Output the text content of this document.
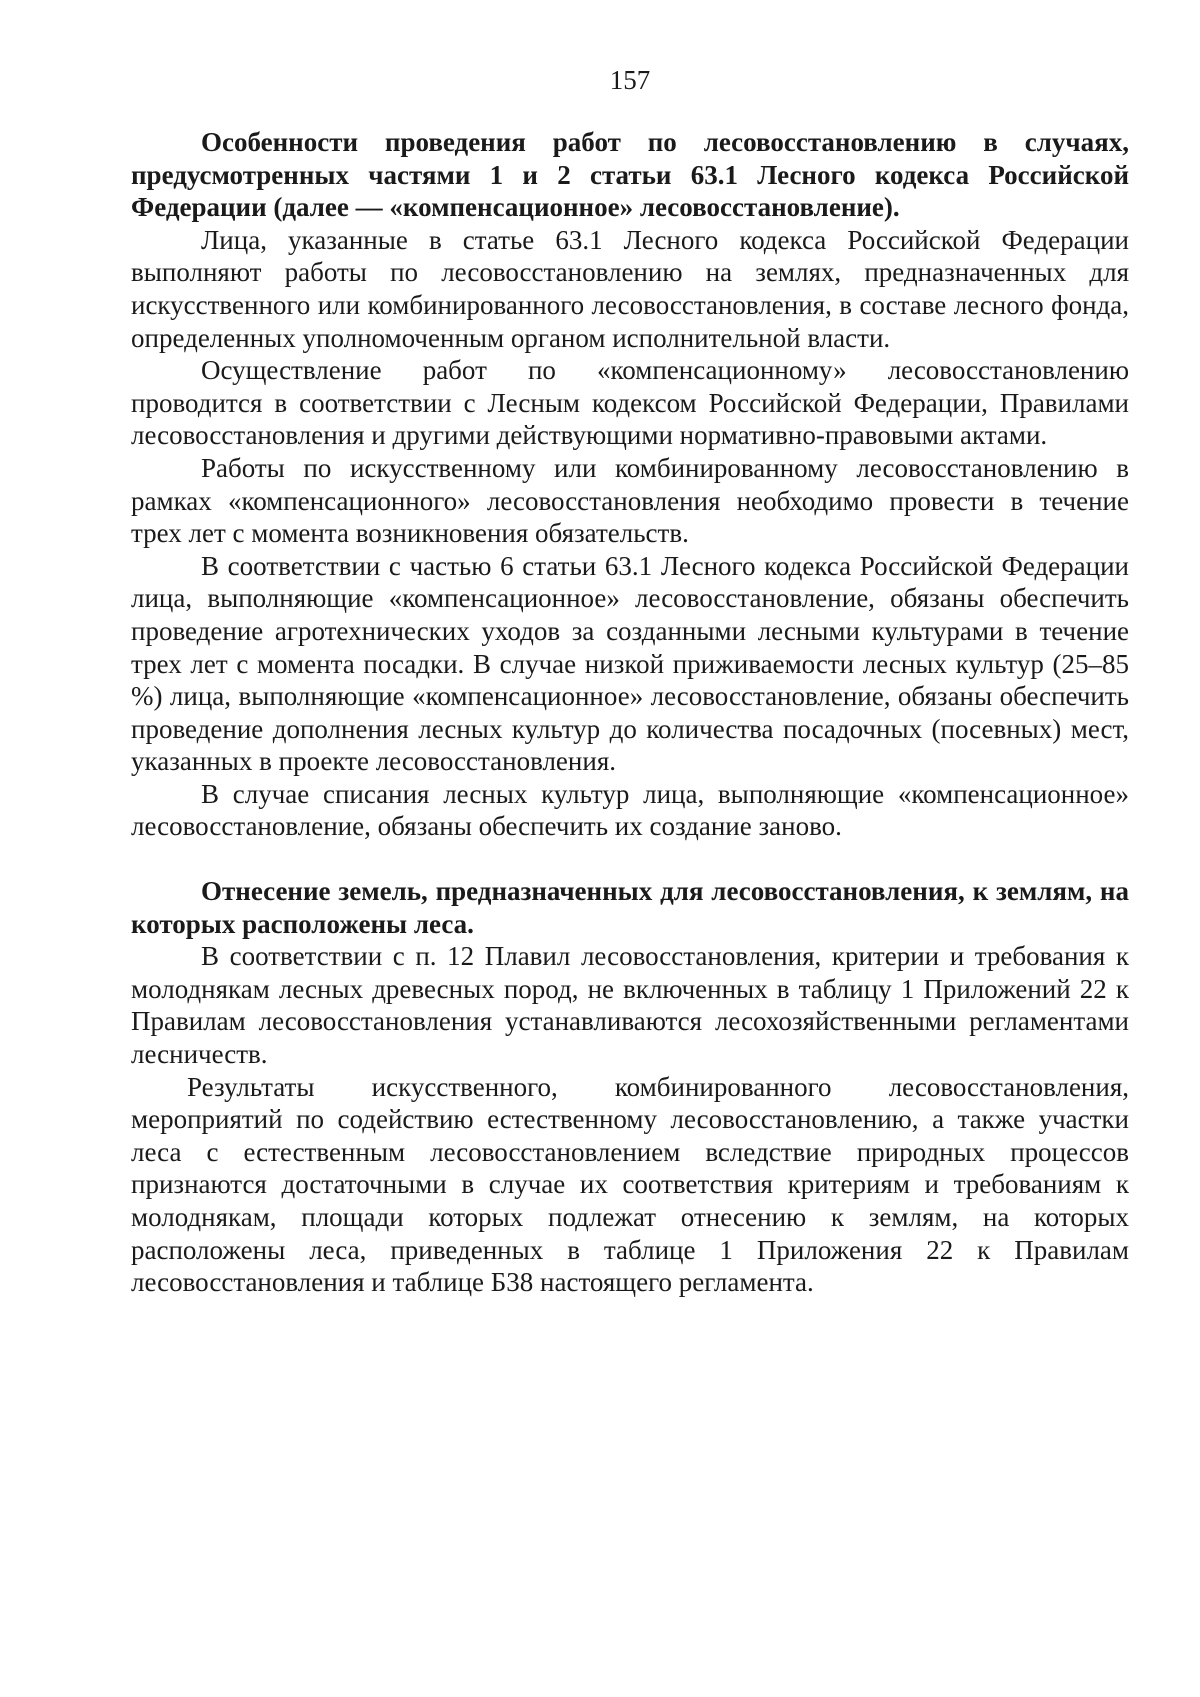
157

Особенности проведения работ по лесовосстановлению в случаях, предусмотренных частями 1 и 2 статьи 63.1 Лесного кодекса Российской Федерации (далее — «компенсационное» лесовосстановление).

Лица, указанные в статье 63.1 Лесного кодекса Российской Федерации выполняют работы по лесовосстановлению на землях, предназначенных для искусственного или комбинированного лесовосстановления, в составе лесного фонда, определенных уполномоченным органом исполнительной власти.

Осуществление работ по «компенсационному» лесовосстановлению проводится в соответствии с Лесным кодексом Российской Федерации, Правилами лесовосстановления и другими действующими нормативно-правовыми актами.

Работы по искусственному или комбинированному лесовосстановлению в рамках «компенсационного» лесовосстановления необходимо провести в течение трех лет с момента возникновения обязательств.

В соответствии с частью 6 статьи 63.1 Лесного кодекса Российской Федерации лица, выполняющие «компенсационное» лесовосстановление, обязаны обеспечить проведение агротехнических уходов за созданными лесными культурами в течение трех лет с момента посадки. В случае низкой приживаемости лесных культур (25–85 %) лица, выполняющие «компенсационное» лесовосстановление, обязаны обеспечить проведение дополнения лесных культур до количества посадочных (посевных) мест, указанных в проекте лесовосстановления.

В случае списания лесных культур лица, выполняющие «компенсационное» лесовосстановление, обязаны обеспечить их создание заново.

Отнесение земель, предназначенных для лесовосстановления, к землям, на которых расположены леса.

В соответствии с п. 12 Плавил лесовосстановления, критерии и требования к молоднякам лесных древесных пород, не включенных в таблицу 1 Приложений 22 к Правилам лесовосстановления устанавливаются лесохозяйственными регламентами лесничеств.

Результаты искусственного, комбинированного лесовосстановления, мероприятий по содействию естественному лесовосстановлению, а также участки леса с естественным лесовосстановлением вследствие природных процессов признаются достаточными в случае их соответствия критериям и требованиям к молоднякам, площади которых подлежат отнесению к землям, на которых расположены леса, приведенных в таблице 1 Приложения 22 к Правилам лесовосстановления и таблице Б38 настоящего регламента.
